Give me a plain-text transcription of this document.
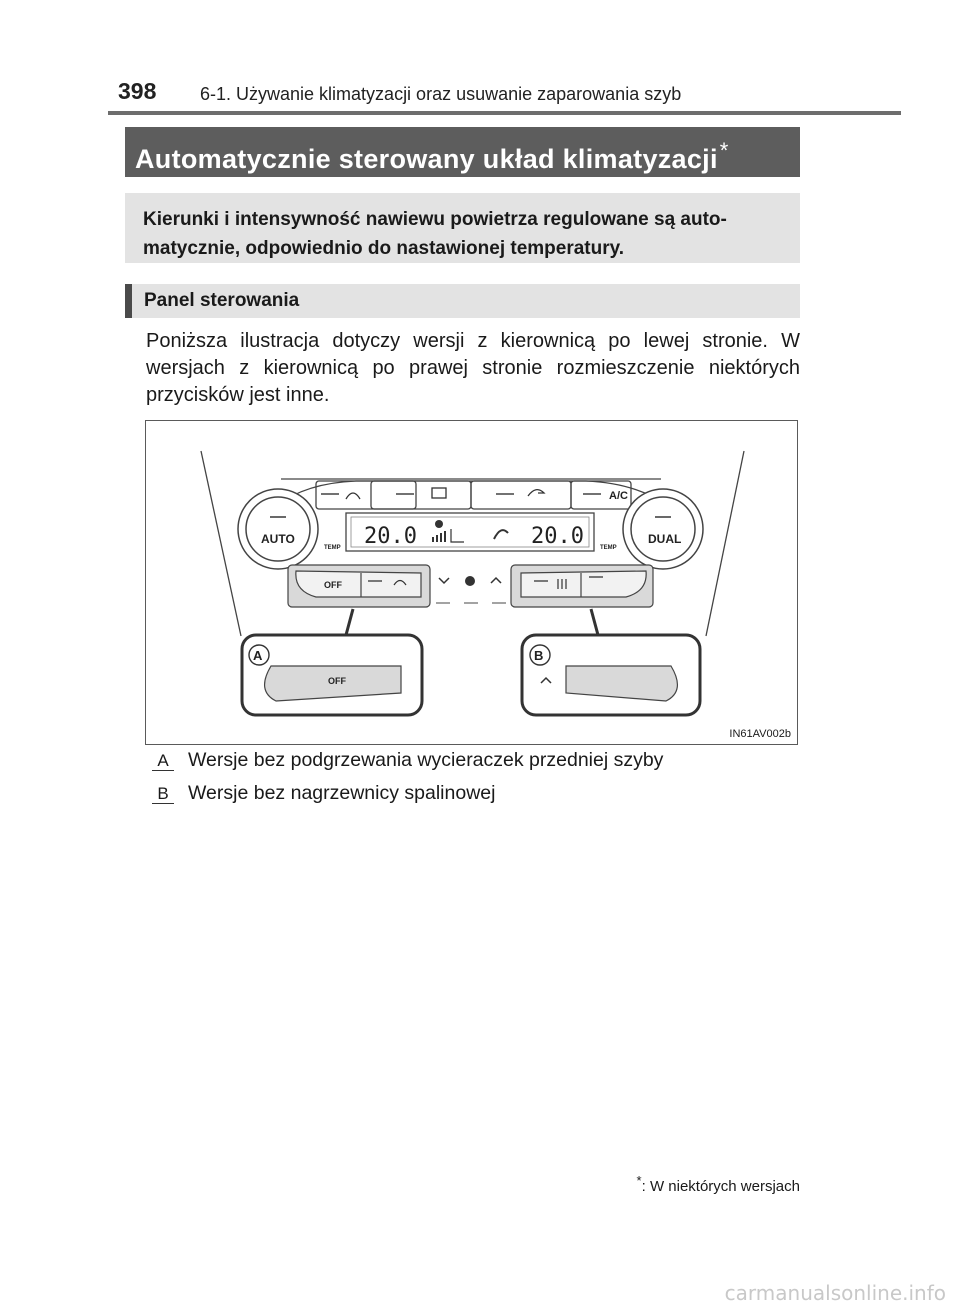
398 6-1. Używanie klimatyzacji oraz usuwanie zaparowania szyb
Automatycznie sterowany układ klimatyzacji*
Kierunki i intensywność nawiewu powietrza regulowane są auto-
matycznie, odpowiednio do nastawionej temperatury.
Panel sterowania
Poniższa ilustracja dotyczy wersji z kierownicą po lewej stronie. W wersjach z kierownicą po prawej stronie rozmieszczenie niektórych przycisków jest inne.
A/C
AUTO	DUAL
TEMP	TEMP
20.0	20.0
OFF
OFF
A	B
IN61AV002b
A Wersje bez podgrzewania wycieraczek przedniej szyby
B Wersje bez nagrzewnicy spalinowej
*: W niektórych wersjach
carmanualsonline.info
